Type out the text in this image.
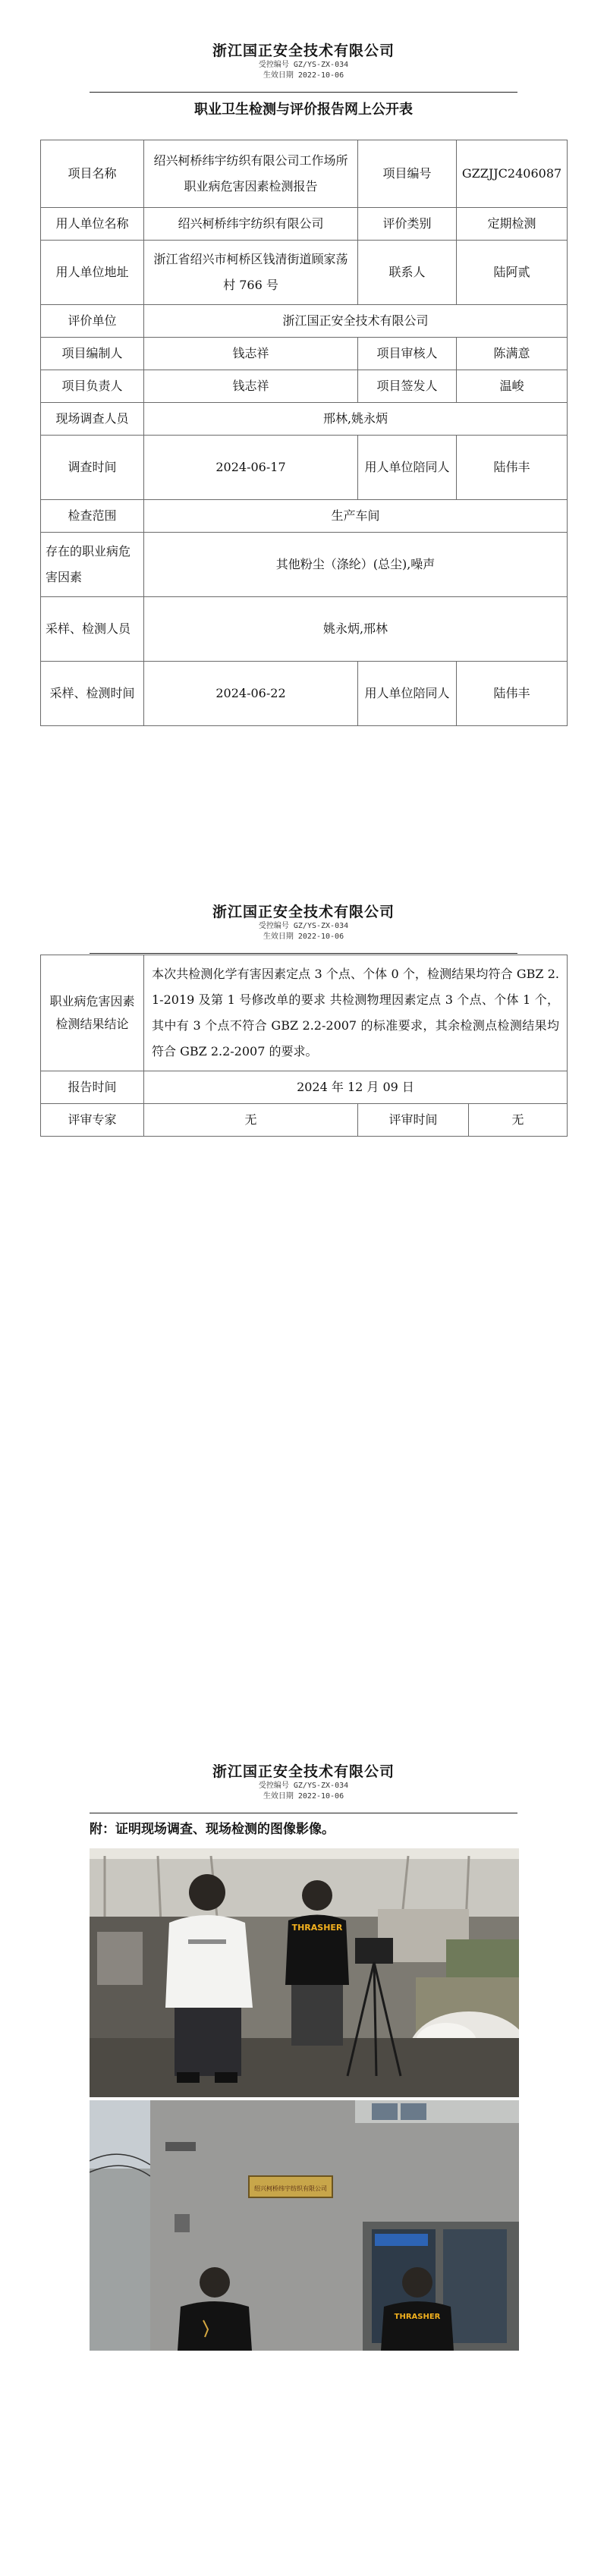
浙江国正安全技术有限公司
受控编号 GZ/YS-ZX-034
生效日期 2022-10-06
职业卫生检测与评价报告网上公开表
项目名称	绍兴柯桥纬宇纺织有限公司工作场所职业病危害因素检测报告	项目编号	GZZJJC2406087
用人单位名称	绍兴柯桥纬宇纺织有限公司	评价类别	定期检测
用人单位地址	浙江省绍兴市柯桥区钱清街道顾家荡村 766 号	联系人	陆阿贰
评价单位	浙江国正安全技术有限公司		
项目编制人	钱志祥	项目审核人	陈满意
项目负责人	钱志祥	项目签发人	温峻
现场调查人员	邢林,姚永炳		
调查时间	2024-06-17	用人单位陪同人	陆伟丰
检查范围	生产车间		
存在的职业病危害因素	其他粉尘（涤纶）(总尘),噪声		
采样、检测人员	姚永炳,邢林		
采样、检测时间	2024-06-22	用人单位陪同人	陆伟丰
浙江国正安全技术有限公司
受控编号 GZ/YS-ZX-034
生效日期 2022-10-06
职业病危害因素检测结果结论	本次共检测化学有害因素定点 3 个点、个体 0 个，检测结果均符合 GBZ 2.1-2019 及第 1 号修改单的要求 共检测物理因素定点 3 个点、个体 1 个，其中有 3 个点不符合 GBZ 2.2-2007 的标准要求，其余检测点检测结果均符合 GBZ 2.2-2007 的要求。		
报告时间	2024 年 12 月 09 日		
评审专家	无	评审时间	无
浙江国正安全技术有限公司
受控编号 GZ/YS-ZX-034
生效日期 2022-10-06
附：证明现场调查、现场检测的图像影像。
THRASHER
绍兴柯桥纬宇纺织有限公司
THRASHER
